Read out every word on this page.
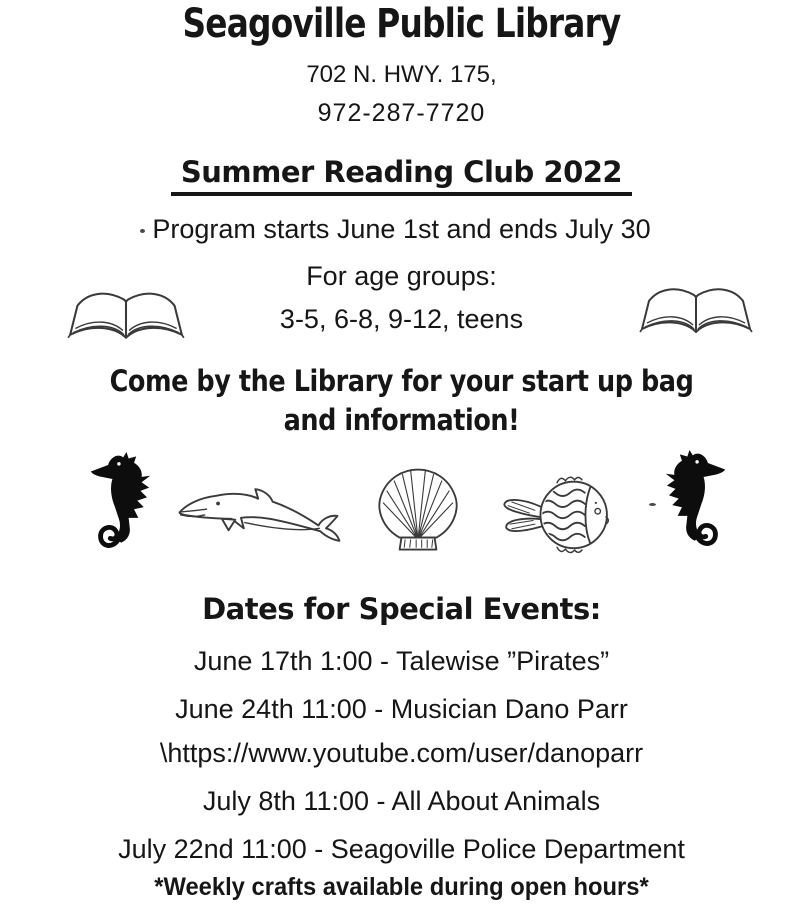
Seagoville Public Library
702 N. HWY. 175,
972-287-7720
Summer Reading Club 2022
Program starts June 1st and ends July 30
For age groups:
3-5, 6-8, 9-12, teens
Come by the Library for your start up bag
and information!
Dates for Special Events:
June 17th 1:00 - Talewise ”Pirates”
June 24th 11:00 - Musician Dano Parr
\https://www.youtube.com/user/danoparr
July 8th 11:00 - All About Animals
July 22nd 11:00 - Seagoville Police Department
*Weekly crafts available during open hours*
